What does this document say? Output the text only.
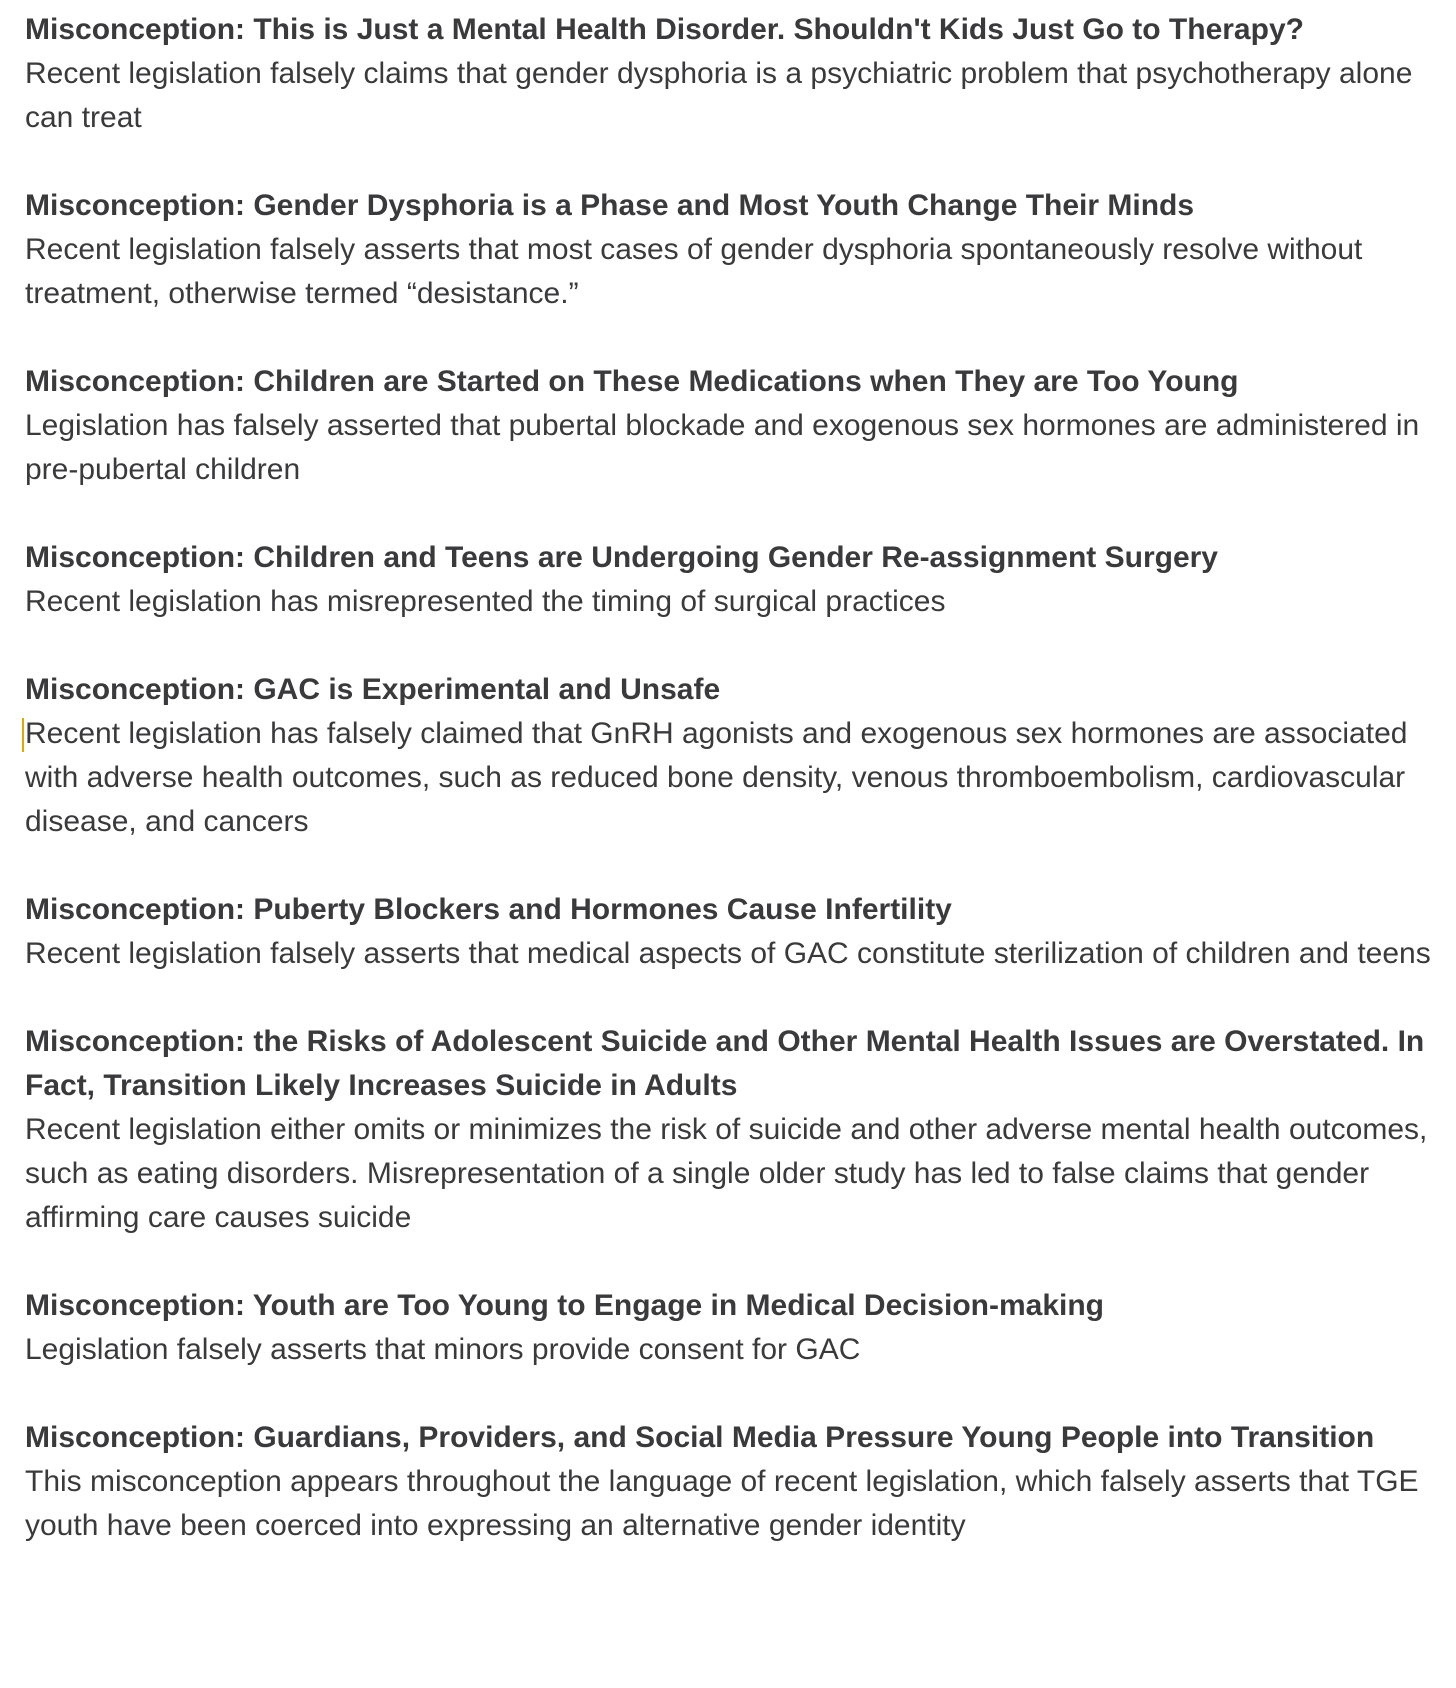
Misconception: This is Just a Mental Health Disorder. Shouldn't Kids Just Go to Therapy?

Recent legislation falsely claims that gender dysphoria is a psychiatric problem that psychotherapy alone can treat

Misconception: Gender Dysphoria is a Phase and Most Youth Change Their Minds

Recent legislation falsely asserts that most cases of gender dysphoria spontaneously resolve without treatment, otherwise termed “desistance.”

Misconception: Children are Started on These Medications when They are Too Young

Legislation has falsely asserted that pubertal blockade and exogenous sex hormones are administered in pre-pubertal children

Misconception: Children and Teens are Undergoing Gender Re-assignment Surgery

Recent legislation has misrepresented the timing of surgical practices

Misconception: GAC is Experimental and Unsafe

Recent legislation has falsely claimed that GnRH agonists and exogenous sex hormones are associated with adverse health outcomes, such as reduced bone density, venous thromboembolism, cardiovascular disease, and cancers

Misconception: Puberty Blockers and Hormones Cause Infertility

Recent legislation falsely asserts that medical aspects of GAC constitute sterilization of children and teens

Misconception: the Risks of Adolescent Suicide and Other Mental Health Issues are Overstated. In Fact, Transition Likely Increases Suicide in Adults

Recent legislation either omits or minimizes the risk of suicide and other adverse mental health outcomes, such as eating disorders. Misrepresentation of a single older study has led to false claims that gender affirming care causes suicide

Misconception: Youth are Too Young to Engage in Medical Decision-making

Legislation falsely asserts that minors provide consent for GAC

Misconception: Guardians, Providers, and Social Media Pressure Young People into Transition

This misconception appears throughout the language of recent legislation, which falsely asserts that TGE youth have been coerced into expressing an alternative gender identity
